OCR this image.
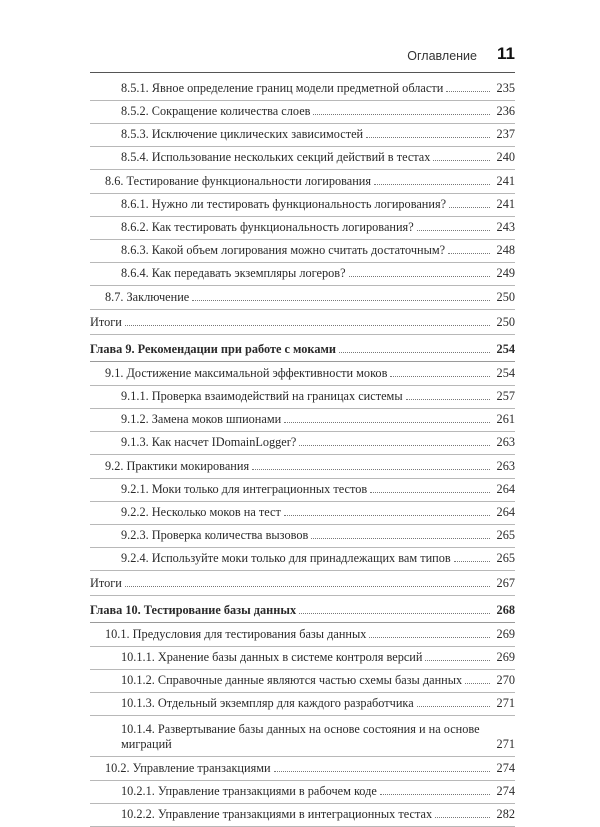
Оглавление 11
8.5.1. Явное определение границ модели предметной области	235
8.5.2. Сокращение количества слоев	236
8.5.3. Исключение циклических зависимостей	237
8.5.4. Использование нескольких секций действий в тестах	240
8.6. Тестирование функциональности логирования	241
8.6.1. Нужно ли тестировать функциональность логирования?	241
8.6.2. Как тестировать функциональность логирования?	243
8.6.3. Какой объем логирования можно считать достаточным?	248
8.6.4. Как передавать экземпляры логеров?	249
8.7. Заключение	250
Итоги	250
Глава 9. Рекомендации при работе с моками	254
9.1. Достижение максимальной эффективности моков	254
9.1.1. Проверка взаимодействий на границах системы	257
9.1.2. Замена моков шпионами	261
9.1.3. Как насчет IDomainLogger?	263
9.2. Практики мокирования	263
9.2.1. Моки только для интеграционных тестов	264
9.2.2. Несколько моков на тест	264
9.2.3. Проверка количества вызовов	265
9.2.4. Используйте моки только для принадлежащих вам типов	265
Итоги	267
Глава 10. Тестирование базы данных	268
10.1. Предусловия для тестирования базы данных	269
10.1.1. Хранение базы данных в системе контроля версий	269
10.1.2. Справочные данные являются частью схемы базы данных	270
10.1.3. Отдельный экземпляр для каждого разработчика	271
10.1.4. Развертывание базы данных на основе состояния и на основе миграций	271
10.2. Управление транзакциями	274
10.2.1. Управление транзакциями в рабочем коде	274
10.2.2. Управление транзакциями в интеграционных тестах	282
